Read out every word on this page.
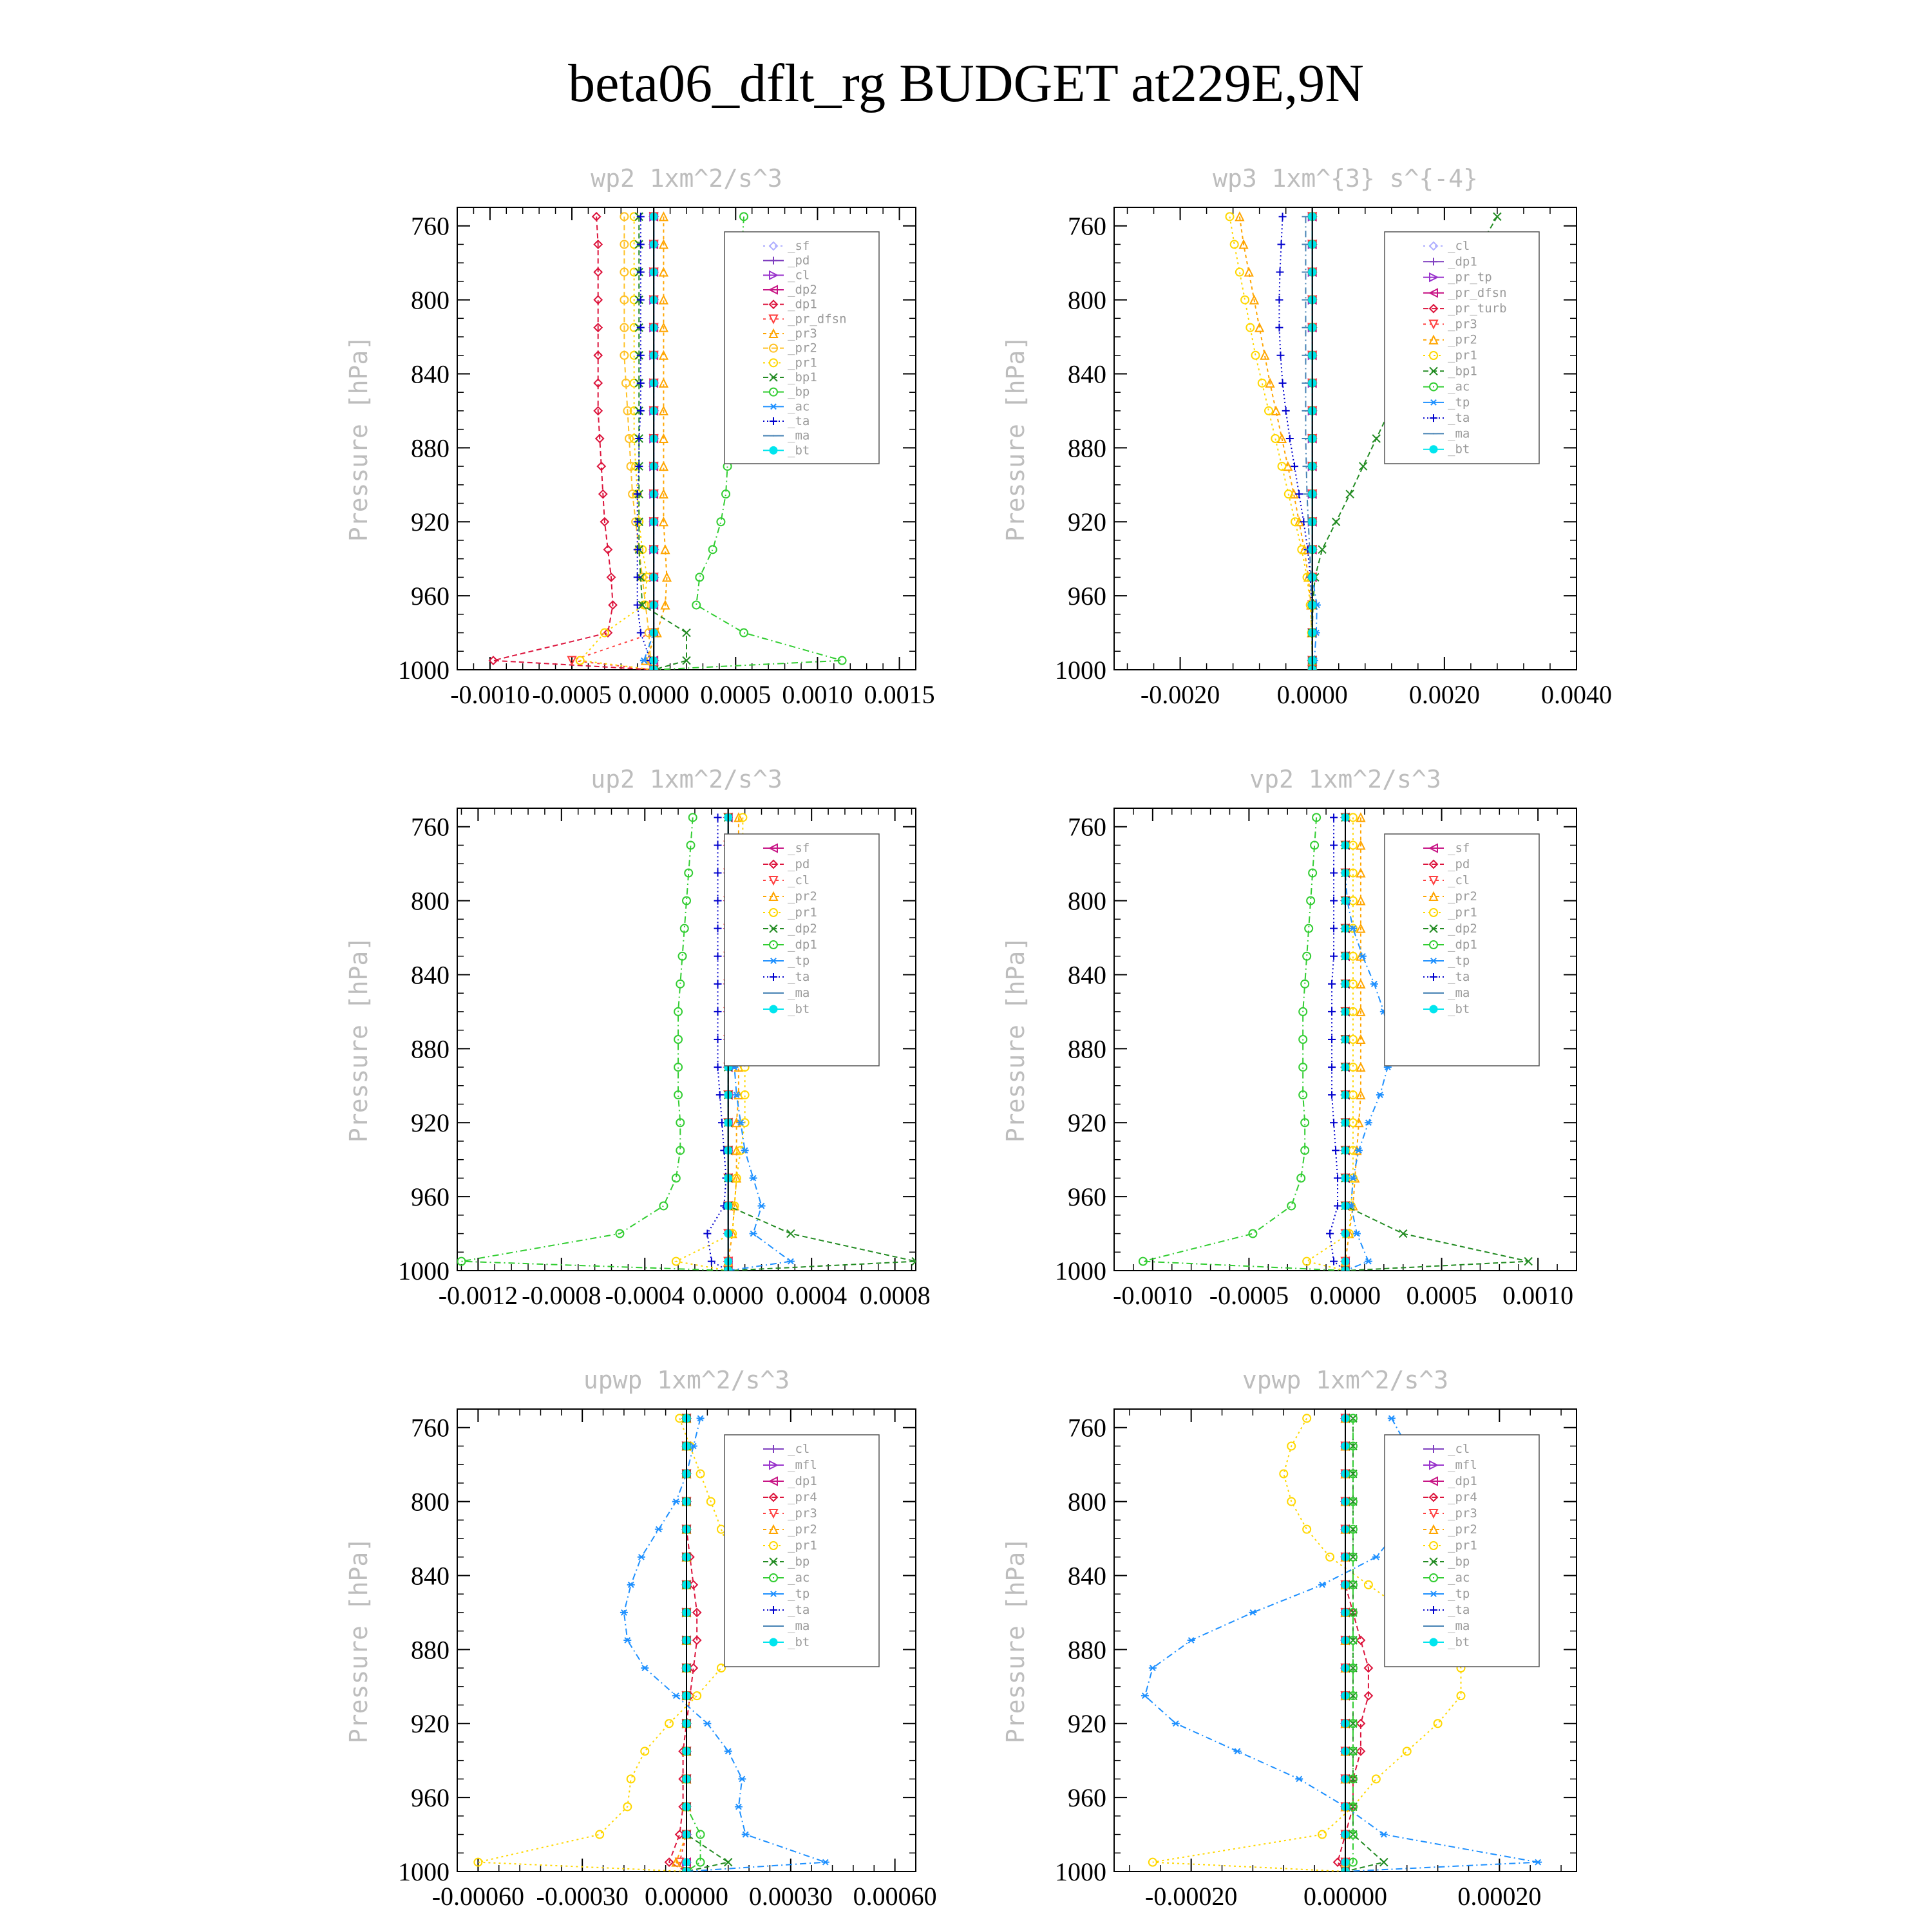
beta06_dflt_rg BUDGET at229E,9N
wp2 1xm^2/s^3
Pressure [hPa]
760
800
840
880
920
960
1000
-0.0010 -0.0005 0.0000 0.0005 0.0010 0.0015
_sf
_pd
_cl
_dp2
_dp1
_pr_dfsn
_pr3
_pr2
_pr1
_bp1
_bp
_ac
_ta
_ma
_bt
wp3 1xm^{3} s^{-4}
Pressure [hPa]
760
800
840
880
920
960
1000
-0.0020 0.0000 0.0020 0.0040
_cl
_dp1
_pr_tp
_pr_dfsn
_pr_turb
_pr3
_pr2
_pr1
_bp1
_ac
_tp
_ta
_ma
_bt
up2 1xm^2/s^3
Pressure [hPa]
760
800
840
880
920
960
1000
-0.0012 -0.0008 -0.0004 0.0000 0.0004 0.0008
_sf
_pd
_cl
_pr2
_pr1
_dp2
_dp1
_tp
_ta
_ma
_bt
vp2 1xm^2/s^3
Pressure [hPa]
760
800
840
880
920
960
1000
-0.0010 -0.0005 0.0000 0.0005 0.0010
_sf
_pd
_cl
_pr2
_pr1
_dp2
_dp1
_tp
_ta
_ma
_bt
upwp 1xm^2/s^3
Pressure [hPa]
760
800
840
880
920
960
1000
-0.00060 -0.00030 0.00000 0.00030 0.00060
_cl
_mfl
_dp1
_pr4
_pr3
_pr2
_pr1
_bp
_ac
_tp
_ta
_ma
_bt
vpwp 1xm^2/s^3
Pressure [hPa]
760
800
840
880
920
960
1000
-0.00020	0.00000	0.00020
_cl
_mfl
_dp1
_pr4
_pr3
_pr2
_pr1
_bp
_ac
_tp
_ta
_ma
_bt
